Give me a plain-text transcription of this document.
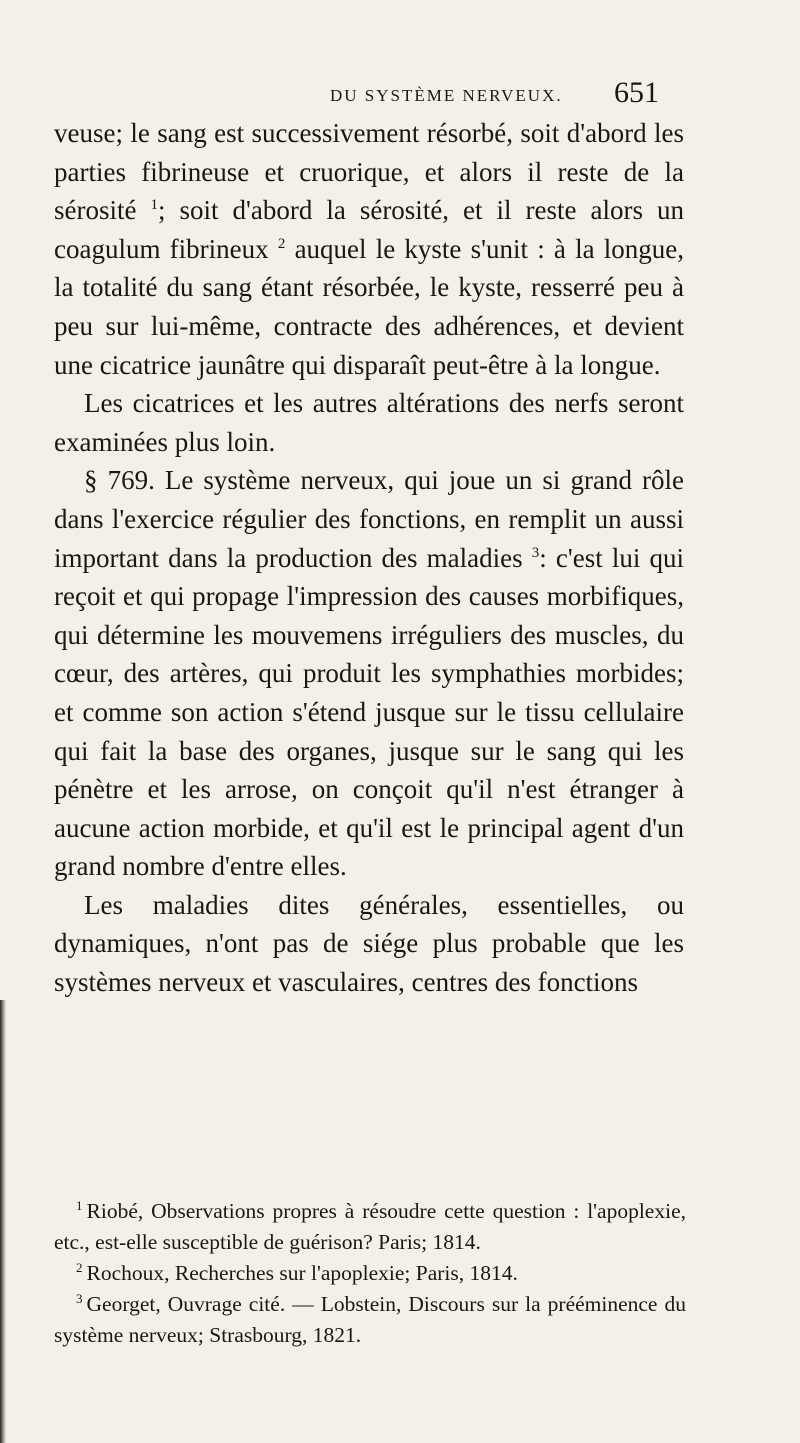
DU SYSTÈME NERVEUX. 651

veuse; le sang est successivement résorbé, soit d'abord les parties fibrineuse et cruorique, et alors il reste de la sérosité $^1$; soit d'abord la sérosité, et il reste alors un coagulum fibrineux $^2$ auquel le kyste s'unit : à la longue, la totalité du sang étant résorbée, le kyste, resserré peu à peu sur lui-même, contracte des adhérences, et devient une cicatrice jaunâtre qui disparaît peut-être à la longue.

Les cicatrices et les autres altérations des nerfs seront examinées plus loin.

§ 769. Le système nerveux, qui joue un si grand rôle dans l'exercice régulier des fonctions, en remplit un aussi important dans la production des maladies $^3$: c'est lui qui reçoit et qui propage l'impression des causes morbifiques, qui détermine les mouvemens irréguliers des muscles, du cœur, des artères, qui produit les symphathies morbides; et comme son action s'étend jusque sur le tissu cellulaire qui fait la base des organes, jusque sur le sang qui les pénètre et les arrose, on conçoit qu'il n'est étranger à aucune action morbide, et qu'il est le principal agent d'un grand nombre d'entre elles.

Les maladies dites générales, essentielles, ou dynamiques, n'ont pas de siége plus probable que les systèmes nerveux et vasculaires, centres des fonctions

$^1$ Riobé, Observations propres à résoudre cette question : l'apoplexie, etc., est-elle susceptible de guérison? Paris; 1814.

$^2$ Rochoux, Recherches sur l'apoplexie; Paris, 1814.

$^3$ Georget, Ouvrage cité. — Lobstein, Discours sur la prééminence du système nerveux; Strasbourg, 1821.
